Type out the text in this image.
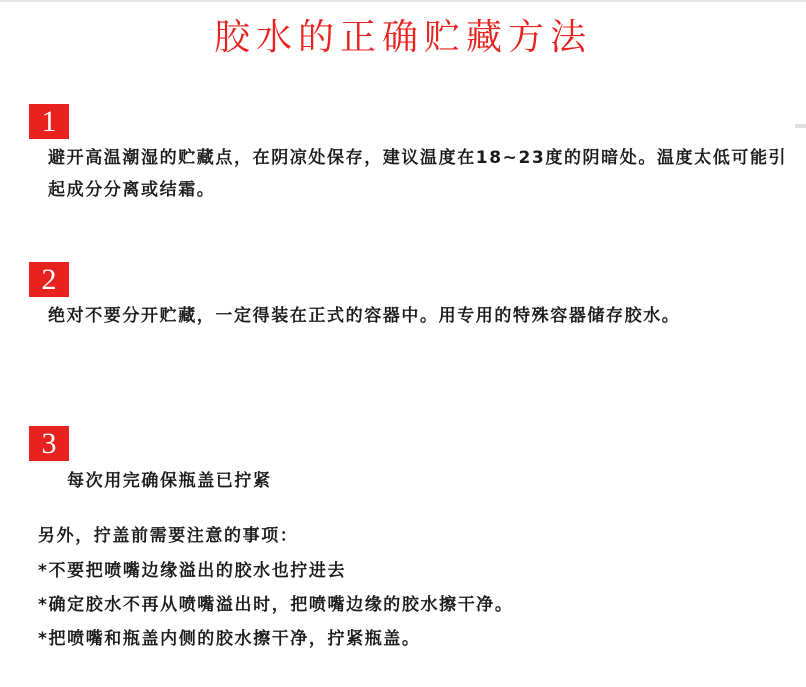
胶水的正确贮藏方法
1
避开高温潮湿的贮藏点，在阴凉处保存，建议温度在18~23度的阴暗处。温度太低可能引起成分分离或结霜。
2
绝对不要分开贮藏，一定得装在正式的容器中。用专用的特殊容器储存胶水。
3
每次用完确保瓶盖已拧紧
另外，拧盖前需要注意的事项：
*不要把喷嘴边缘溢出的胶水也拧进去
*确定胶水不再从喷嘴溢出时，把喷嘴边缘的胶水擦干净。
*把喷嘴和瓶盖内侧的胶水擦干净，拧紧瓶盖。
